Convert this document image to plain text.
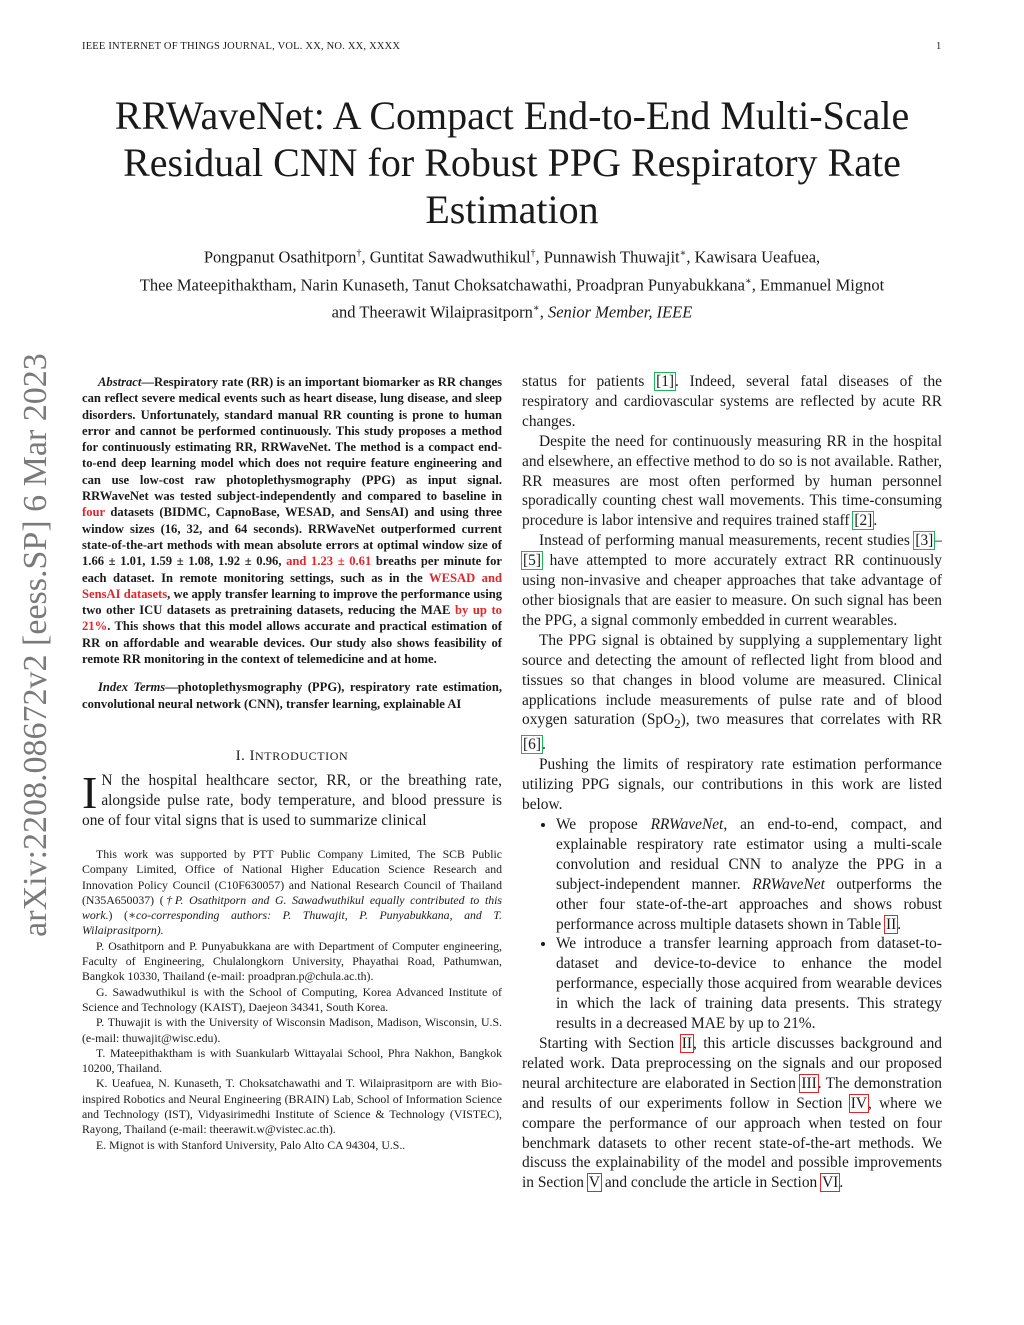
IEEE INTERNET OF THINGS JOURNAL, VOL. XX, NO. XX, XXXX	1
arXiv:2208.08672v2 [eess.SP] 6 Mar 2023
RRWaveNet: A Compact End-to-End Multi-Scale Residual CNN for Robust PPG Respiratory Rate Estimation
Pongpanut Osathitporn†, Guntitat Sawadwuthikul†, Punnawish Thuwajit∗, Kawisara Ueafuea,
Thee Mateepithaktham, Narin Kunaseth, Tanut Choksatchawathi, Proadpran Punyabukkana∗, Emmanuel Mignot
and Theerawit Wilaiprasitporn∗, Senior Member, IEEE

Abstract—Respiratory rate (RR) is an important biomarker as RR changes can reflect severe medical events such as heart disease, lung disease, and sleep disorders. Unfortunately, standard manual RR counting is prone to human error and cannot be performed continuously. This study proposes a method for continuously estimating RR, RRWaveNet. The method is a compact end-to-end deep learning model which does not require feature engineering and can use low-cost raw photoplethysmography (PPG) as input signal. RRWaveNet was tested subject-independently and compared to baseline in four datasets (BIDMC, CapnoBase, WESAD, and SensAI) and using three window sizes (16, 32, and 64 seconds). RRWaveNet outperformed current state-of-the-art methods with mean absolute errors at optimal window size of 1.66 ± 1.01, 1.59 ± 1.08, 1.92 ± 0.96, and 1.23 ± 0.61 breaths per minute for each dataset. In remote monitoring settings, such as in the WESAD and SensAI datasets, we apply transfer learning to improve the performance using two other ICU datasets as pretraining datasets, reducing the MAE by up to 21%. This shows that this model allows accurate and practical estimation of RR on affordable and wearable devices. Our study also shows feasibility of remote RR monitoring in the context of telemedicine and at home.

Index Terms—photoplethysmography (PPG), respiratory rate estimation, convolutional neural network (CNN), transfer learning, explainable AI

I. INTRODUCTION

I N the hospital healthcare sector, RR, or the breathing rate, alongside pulse rate, body temperature, and blood pressure is one of four vital signs that is used to summarize clinical

This work was supported by PTT Public Company Limited, The SCB Public Company Limited, Office of National Higher Education Science Research and Innovation Policy Council (C10F630057) and National Research Council of Thailand (N35A650037) (†P. Osathitporn and G. Sawadwuthikul equally contributed to this work.) (∗co-corresponding authors: P. Thuwajit, P. Punyabukkana, and T. Wilaiprasitporn).

P. Osathitporn and P. Punyabukkana are with Department of Computer engineering, Faculty of Engineering, Chulalongkorn University, Phayathai Road, Pathumwan, Bangkok 10330, Thailand (e-mail: proadpran.p@chula.ac.th).

G. Sawadwuthikul is with the School of Computing, Korea Advanced Institute of Science and Technology (KAIST), Daejeon 34341, South Korea.

P. Thuwajit is with the University of Wisconsin Madison, Madison, Wisconsin, U.S. (e-mail: thuwajit@wisc.edu).

T. Mateepithaktham is with Suankularb Wittayalai School, Phra Nakhon, Bangkok 10200, Thailand.

K. Ueafuea, N. Kunaseth, T. Choksatchawathi and T. Wilaiprasitporn are with Bio-inspired Robotics and Neural Engineering (BRAIN) Lab, School of Information Science and Technology (IST), Vidyasirimedhi Institute of Science & Technology (VISTEC), Rayong, Thailand (e-mail: theerawit.w@vistec.ac.th).

E. Mignot is with Stanford University, Palo Alto CA 94304, U.S..

status for patients [1]. Indeed, several fatal diseases of the respiratory and cardiovascular systems are reflected by acute RR changes.

Despite the need for continuously measuring RR in the hospital and elsewhere, an effective method to do so is not available. Rather, RR measures are most often performed by human personnel sporadically counting chest wall movements. This time-consuming procedure is labor intensive and requires trained staff [2].

Instead of performing manual measurements, recent studies [3]–[5] have attempted to more accurately extract RR continuously using non-invasive and cheaper approaches that take advantage of other biosignals that are easier to measure. On such signal has been the PPG, a signal commonly embedded in current wearables.

The PPG signal is obtained by supplying a supplementary light source and detecting the amount of reflected light from blood and tissues so that changes in blood volume are measured. Clinical applications include measurements of pulse rate and of blood oxygen saturation (SpO$_2$), two measures that correlates with RR [6].

Pushing the limits of respiratory rate estimation performance utilizing PPG signals, our contributions in this work are listed below.

• We propose RRWaveNet, an end-to-end, compact, and explainable respiratory rate estimator using a multi-scale convolution and residual CNN to analyze the PPG in a subject-independent manner. RRWaveNet outperforms the other four state-of-the-art approaches and shows robust performance across multiple datasets shown in Table II.
• We introduce a transfer learning approach from dataset-to-dataset and device-to-device to enhance the model performance, especially those acquired from wearable devices in which the lack of training data presents. This strategy results in a decreased MAE by up to 21%.

Starting with Section II, this article discusses background and related work. Data preprocessing on the signals and our proposed neural architecture are elaborated in Section III. The demonstration and results of our experiments follow in Section IV, where we compare the performance of our approach when tested on four benchmark datasets to other recent state-of-the-art methods. We discuss the explainability of the model and possible improvements in Section V and conclude the article in Section VI.
